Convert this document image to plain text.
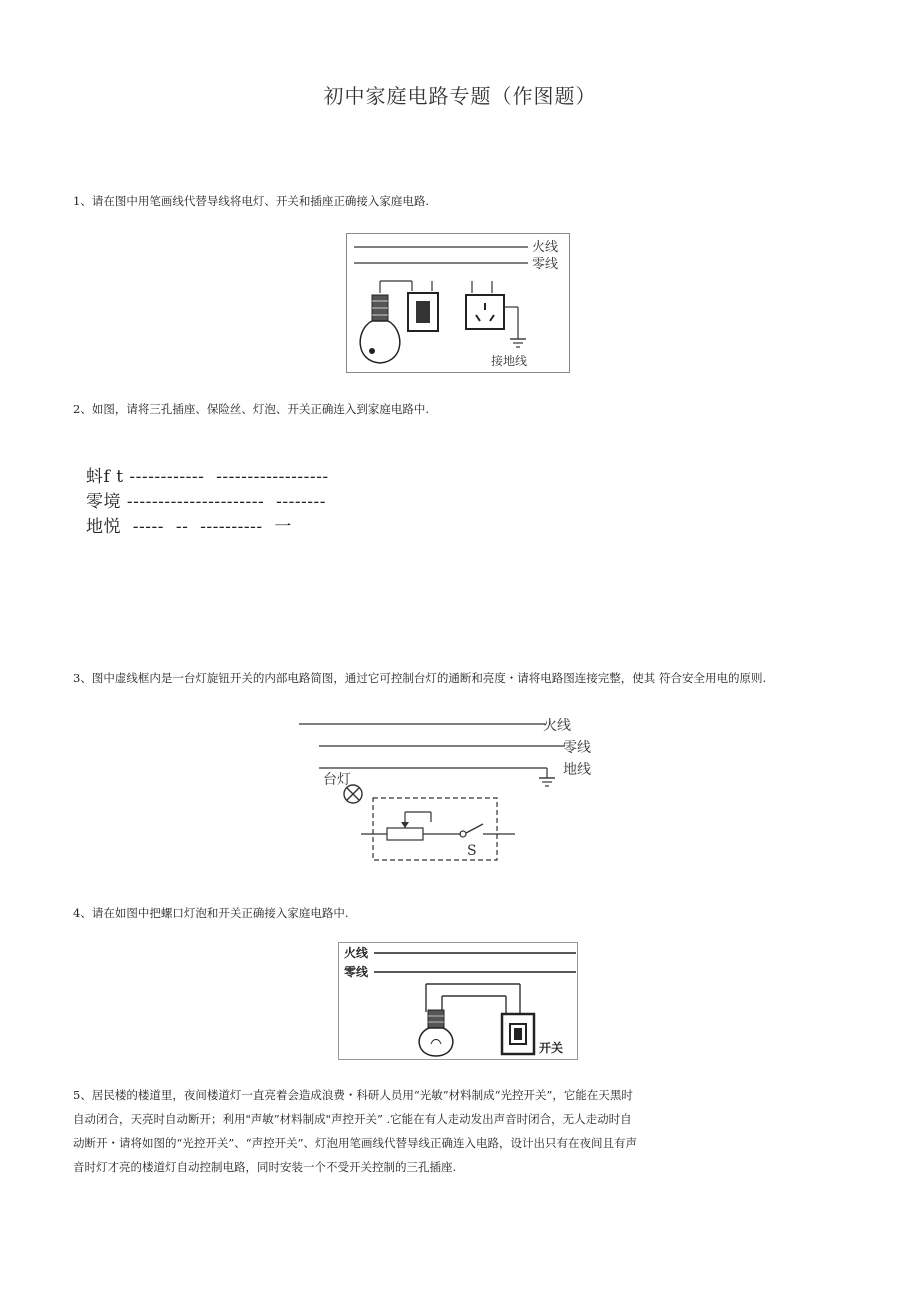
初中家庭电路专题（作图题）
1、请在图中用笔画线代替导线将电灯、开关和插座正确接入家庭电路.
火线
零线
接地线
2、如图，请将三孔插座、保险丝、灯泡、开关正确连入到家庭电路中.
蚪f t ------------  ------------------
零境 ----------------------  --------
地悦  -----  --  ----------  一
3、图中虚线框内是一台灯旋钮开关的内部电路简图，通过它可控制台灯的通断和亮度・请将电路图连接完整，使其 符合安全用电的原则.
火线
零线
地线
台灯
S
4、请在如图中把螺口灯泡和开关正确接入家庭电路中.
火线
零线
开关
5、居民楼的楼道里，夜间楼道灯一直亮着会造成浪费・科研人员用“光敏”材料制成“光控开关”，它能在天黑时
自动闭合，天亮时自动断开；利用"声敏”材料制成"声控开关” .它能在有人走动发出声音时闭合，无人走动时自
动断开・请将如图的“光控开关”、“声控开关”、灯泡用笔画线代替导线正确连入电路，设计出只有在夜间且有声
音时灯才亮的楼道灯自动控制电路，同时安装一个不受开关控制的三孔插座.
